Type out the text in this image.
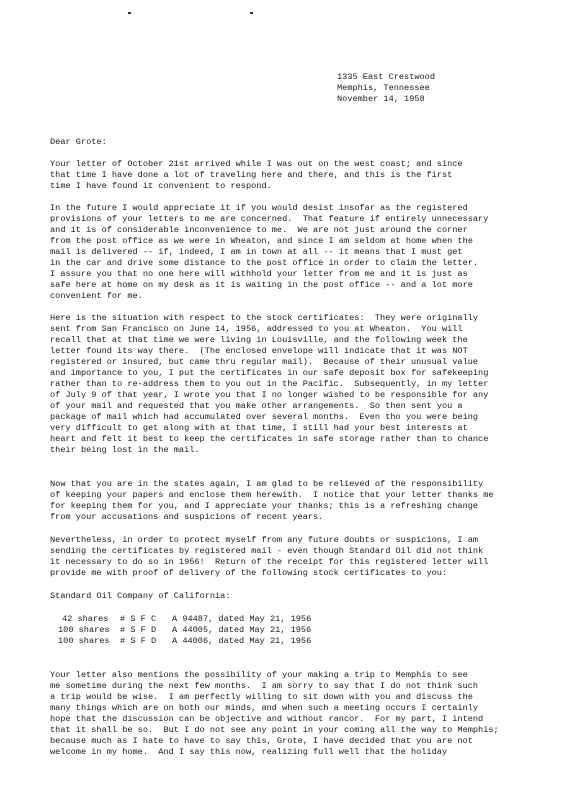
1335 East Crestwood
Memphis, Tennessee
November 14, 1958
Dear Grote:
Your letter of October 21st arrived while I was out on the west coast; and since
that time I have done a lot of traveling here and there, and this is the first
time I have found it convenient to respond.
In the future I would appreciate it if you would desist insofar as the registered
provisions of your letters to me are concerned.  That feature if entirely unnecessary
and it is of considerable inconvenience to me.  We are not just around the corner
from the post office as we were in Wheaton, and since I am seldom at home when the
mail is delivered -- if, indeed, I am in town at all -- it means that I must get
in the car and drive some distance to the post office in order to claim the letter.
I assure you that no one here will withhold your letter from me and it is just as
safe here at home on my desk as it is waiting in the post office -- and a lot more
convenient for me.
Here is the situation with respect to the stock certificates:  They were originally
sent from San Francisco on June 14, 1956, addressed to you at Wheaton.  You will
recall that at that time we were living in Louisville, and the following week the
letter found its way there.  (The enclosed envelope will indicate that it was NOT
registered or insured, but came thru regular mail).  Because of their unusual value
and importance to you, I put the certificates in our safe deposit box for safekeeping
rather than to re-address them to you out in the Pacific.  Subsequently, in my letter
of July 9 of that year, I wrote you that I no longer wished to be responsible for any
of your mail and requested that you make other arrangements.  So then sent you a
package of mail which had accumulated over several months.  Even tho you were being
very difficult to get along with at that time, I still had your best interests at
heart and felt it best to keep the certificates in safe storage rather than to chance
their being lost in the mail.
Now that you are in the states again, I am glad to be relieved of the responsibility
of keeping your papers and enclose them herewith.  I notice that your letter thanks me
for keeping them for you, and I appreciate your thanks; this is a refreshing change
from your accusations and suspicions of recent years.
Nevertheless, in order to protect myself from any future doubts or suspicions, I am
sending the certificates by registered mail - even though Standard Oil did not think
it necessary to do so in 1956!  Return of the receipt for this registered letter will
provide me with proof of delivery of the following stock certificates to you:
Standard Oil Company of California:

42 shares

# S F C

A 94487, dated May 21, 1956

100 shares

# S F D

A 44005, dated May 21, 1956

100 shares

# S F D

A 44006, dated May 21, 1956

Your letter also mentions the possibility of your making a trip to Memphis to see
me sometime during the next few months.  I am sorry to say that I do not think such
a trip would be wise.  I am perfectly willing to sit down with you and discuss the
many things which are on both our minds, and when such a meeting occurs I certainly
hope that the discussion can be objective and without rancor.  For my part, I intend
that it shall be so.  But I do not see any point in your coming all the way to Memphis;
because much as I hate to have to say this, Grote, I have decided that you are not
welcome in my home.  And I say this now, realizing full well that the holiday
